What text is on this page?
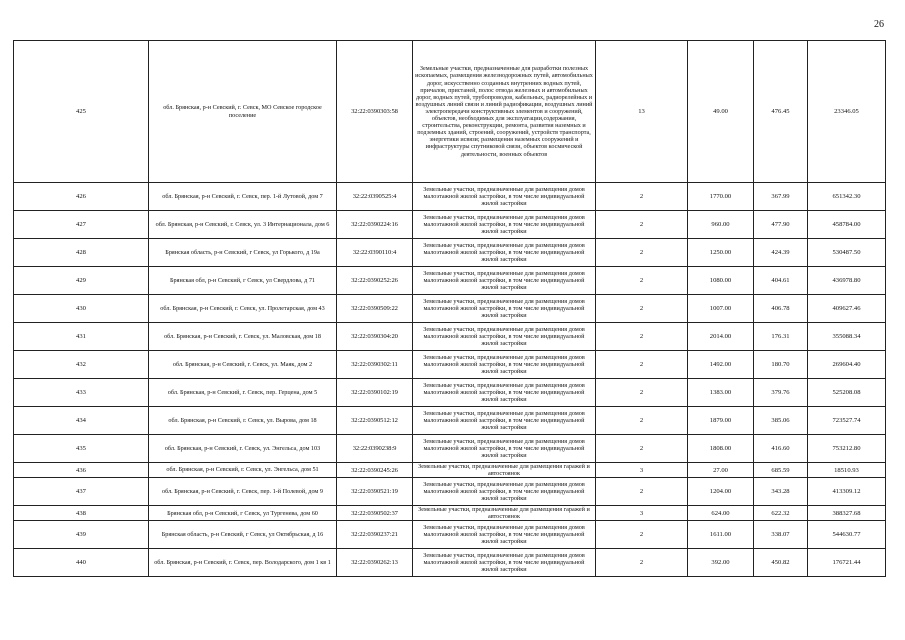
26
425	обл. Брянская, р-н Севский, г. Севск, МО Севское городское поселение	32:22:0390303:58	Земельные участки, предназначенные для разработки полезных ископаемых, размещения железнодорожных путей, автомобильных дорог, искусственно созданных внутренних водных путей, причалов, пристаней, полос отвода железных и автомобильных дорог, водных путей, трубопроводов, кабельных, радиорелейных и воздушных линий связи и линий радиофикации, воздушных линий электропередачи конструктивных элементов и сооружений, объектов, необходимых для эксплуатации,содержания, строительства, реконструкции, ремонта, развития наземных и подземных зданий, строений, сооружений, устройств транспорта, энергетики исвязи; размещения наземных сооружений и инфраструктуры спутниковой связи, объектов космической деятельности, военных объектов	13	49.00	476.45	23346.05
426	обл. Брянская, р-н Севский, г. Севск, пер. 1-й Лутовой, дом 7	32:22:0390525:4	Земельные участки, предназначенные для размещения домов малоэтажной жилой застройки, в том числе индивидуальной жилой застройки	2	1770.00	367.99	651342.30
427	обл. Брянская, р-н Севский, г. Севск, ул. 3 Интернационала, дом 6	32:22:0390224:16	Земельные участки, предназначенные для размещения домов малоэтажной жилой застройки, в том числе индивидуальной жилой застройки	2	960.00	477.90	458784.00
428	Брянская область, р-н Севский, г Севск, ул Горького, д 19а	32:22:0390110:4	Земельные участки, предназначенные для размещения домов малоэтажной жилой застройки, в том числе индивидуальной жилой застройки	2	1250.00	424.39	530487.50
429	Брянская обл, р-н Севский, г Севск, ул Свердлова, д 71	32:22:0390252:26	Земельные участки, предназначенные для размещения домов малоэтажной жилой застройки, в том числе индивидуальной жилой застройки	2	1080.00	404.61	436978.80
430	обл. Брянская, р-н Севский, г. Севск, ул. Пролетарская, дом 43	32:22:0390509:22	Земельные участки, предназначенные для размещения домов малоэтажной жилой застройки, в том числе индивидуальной жилой застройки	2	1007.00	406.78	409627.46
431	обл. Брянская, р-н Севский, г. Севск, ул. Маловская, дом 18	32:22:0390304:20	Земельные участки, предназначенные для размещения домов малоэтажной жилой застройки, в том числе индивидуальной жилой застройки	2	2014.00	176.31	355088.34
432	обл. Брянская, р-н Севский, г. Севск, ул. Маяк, дом 2	32:22:0390302:11	Земельные участки, предназначенные для размещения домов малоэтажной жилой застройки, в том числе индивидуальной жилой застройки	2	1492.00	180.70	269604.40
433	обл. Брянская, р-н Севский, г. Севск, пер. Герцена, дом 5	32:22:0390102:19	Земельные участки, предназначенные для размещения домов малоэтажной жилой застройки, в том числе индивидуальной жилой застройки	2	1383.00	379.76	525208.08
434	обл. Брянская, р-н Севский, г. Севск, ул. Вырова, дом 18	32:22:0390512:12	Земельные участки, предназначенные для размещения домов малоэтажной жилой застройки, в том числе индивидуальной жилой застройки	2	1879.00	385.06	723527.74
435	обл. Брянская, р-н Севский, г. Севск, ул. Энгельса, дом 103	32:22:0390238:9	Земельные участки, предназначенные для размещения домов малоэтажной жилой застройки, в том числе индивидуальной жилой застройки	2	1808.00	416.60	753212.80
436	обл. Брянская, р-н Севский, г. Севск, ул. Энгельса, дом 51	32:22:0390245:26	Земельные участки, предназначенные для размещения гаражей и автостоянок	3	27.00	685.59	18510.93
437	обл. Брянская, р-н Севский, г. Севск, пер. 1-й Полевой, дом 9	32:22:0390521:19	Земельные участки, предназначенные для размещения домов малоэтажной жилой застройки, в том числе индивидуальной жилой застройки	2	1204.00	343.28	413309.12
438	Брянская обл, р-н Севский, г Севск, ул Тургенева, дом 60	32:22:0390502:37	Земельные участки, предназначенные для размещения гаражей и автостоянок	3	624.00	622.32	388327.68
439	Брянская область, р-н Севский, г Севск, ул Октябрьская, д 16	32:22:0390237:21	Земельные участки, предназначенные для размещения домов малоэтажной жилой застройки, в том числе индивидуальной жилой застройки	2	1611.00	338.07	544630.77
440	обл. Брянская, р-н Севский, г. Севск, пер. Володарского, дом 1 кв 1	32:22:0390262:13	Земельные участки, предназначенные для размещения домов малоэтажной жилой застройки, в том числе индивидуальной жилой застройки	2	392.00	450.82	176721.44
